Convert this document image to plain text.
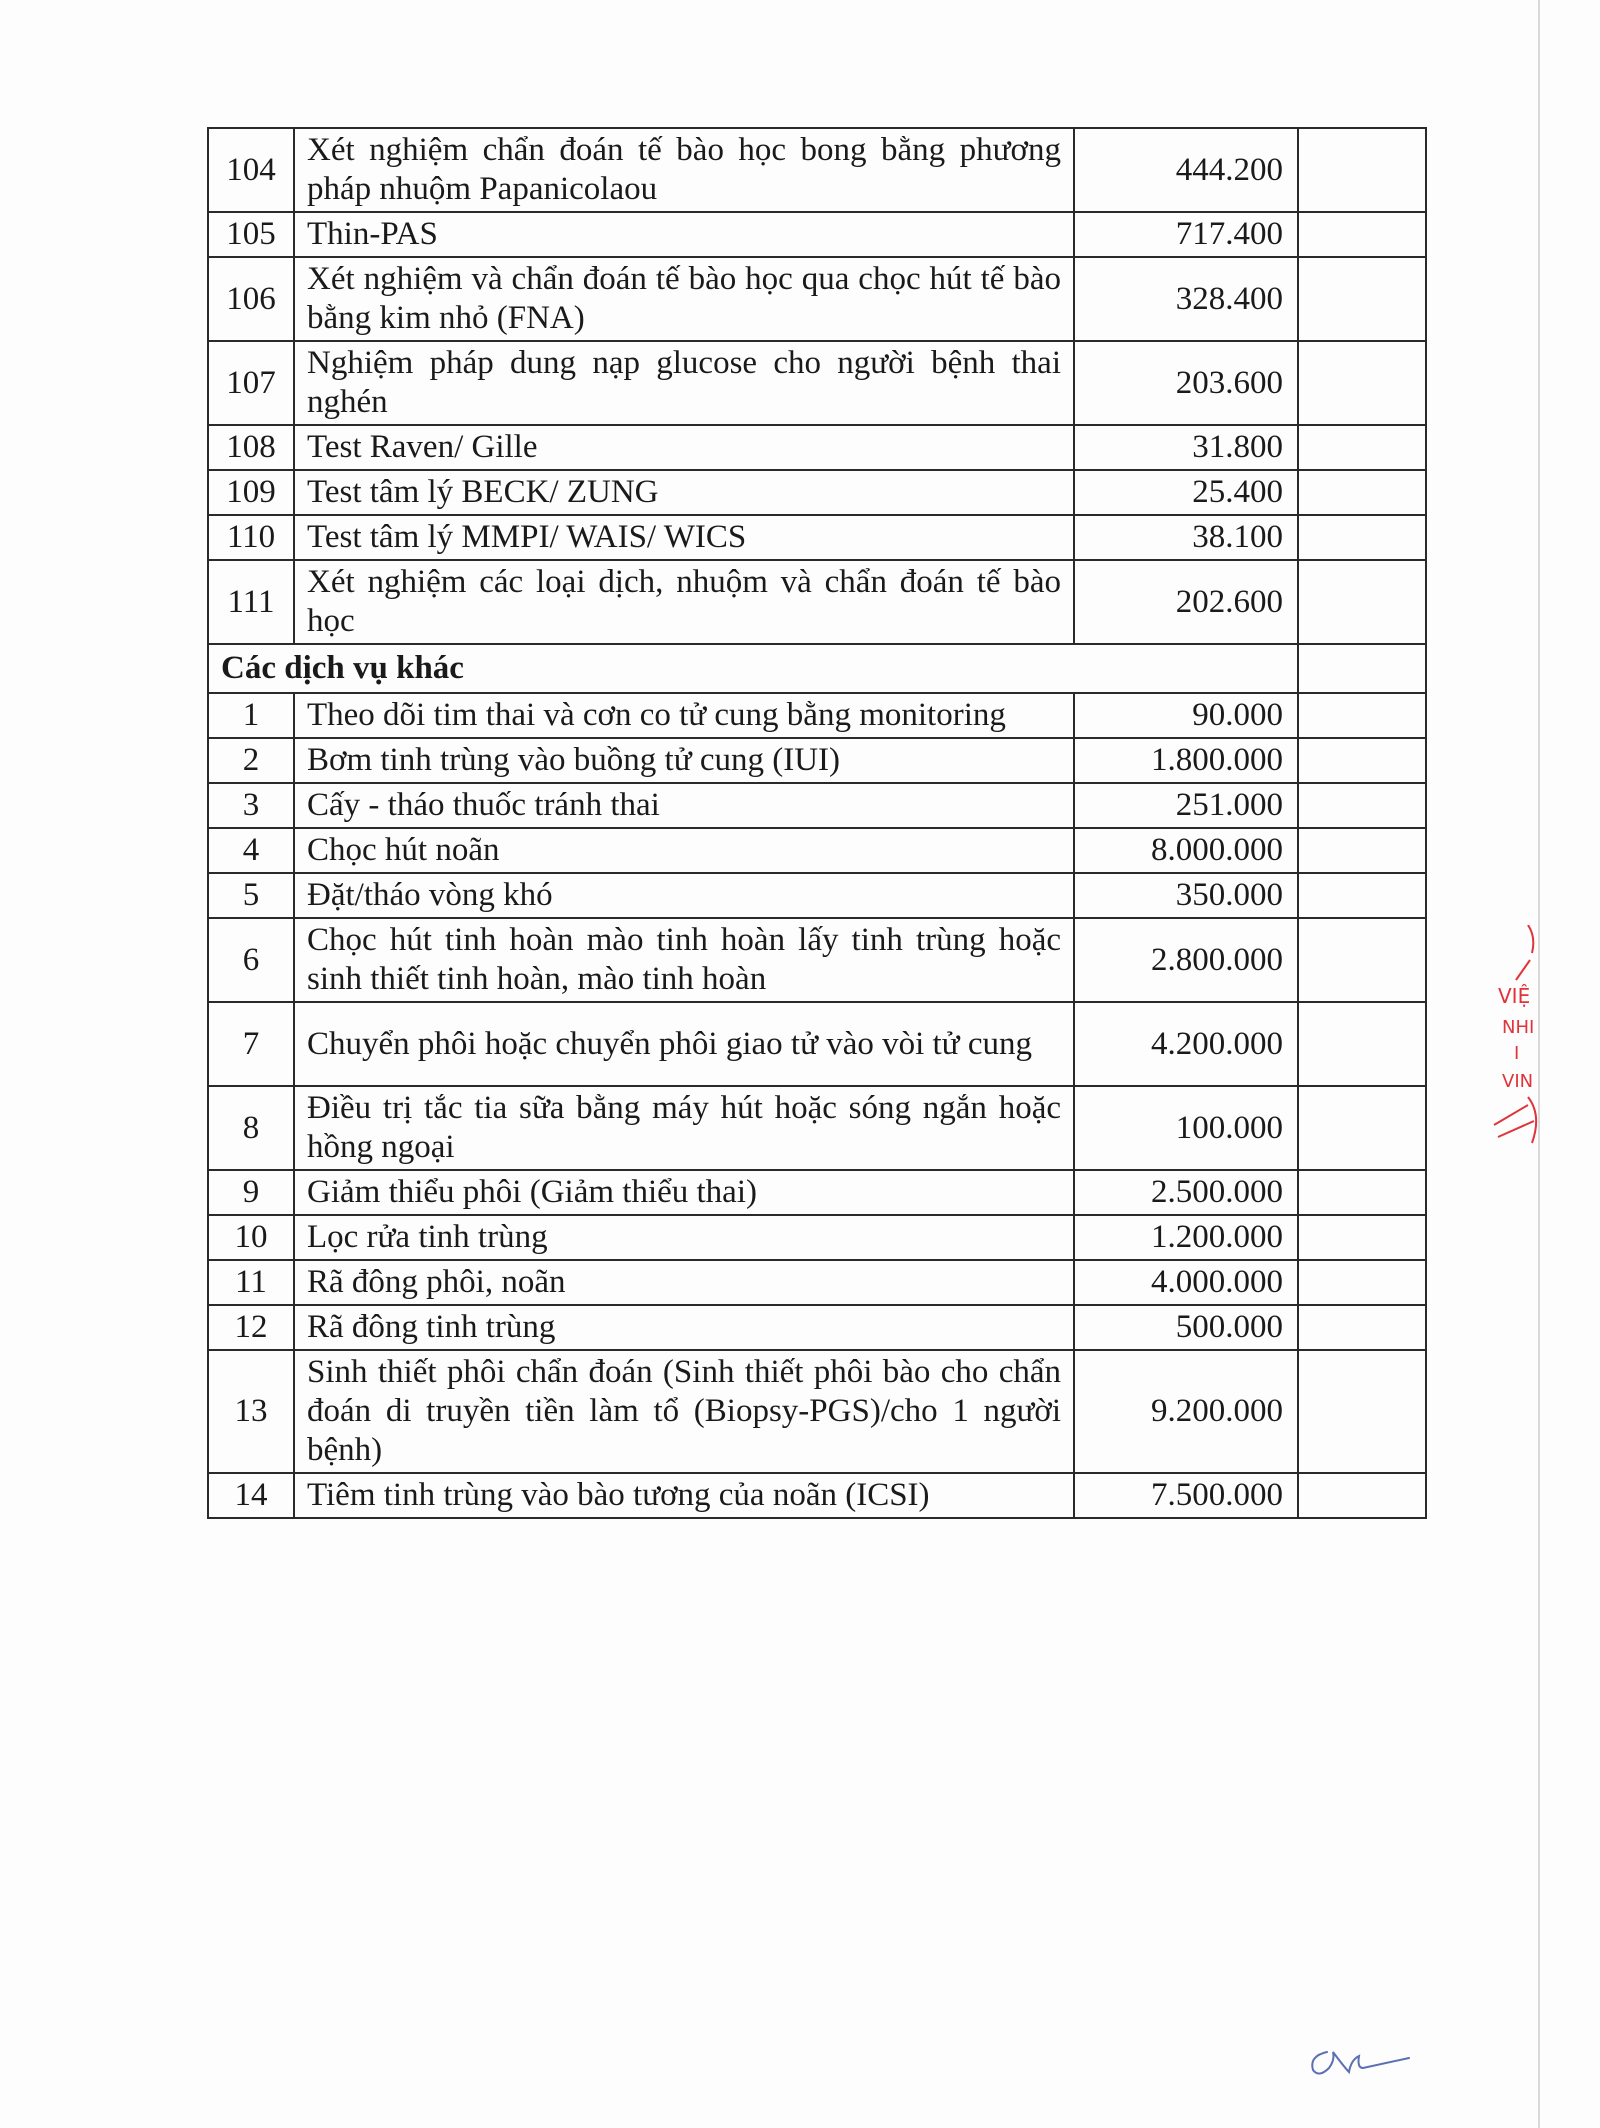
104	Xét nghiệm chẩn đoán tế bào học bong bằng phương pháp nhuộm Papanicolaou	444.200	
105	Thin-PAS	717.400	
106	Xét nghiệm và chẩn đoán tế bào học qua chọc hút tế bào bằng kim nhỏ (FNA)	328.400	
107	Nghiệm pháp dung nạp glucose cho người bệnh thai nghén	203.600	
108	Test Raven/ Gille	31.800	
109	Test tâm lý BECK/ ZUNG	25.400	
110	Test tâm lý MMPI/ WAIS/ WICS	38.100	
111	Xét nghiệm các loại dịch, nhuộm và chẩn đoán tế bào học	202.600	
Các dịch vụ khác			
1	Theo dõi tim thai và cơn co tử cung bằng monitoring	90.000	
2	Bơm tinh trùng vào buồng tử cung (IUI)	1.800.000	
3	Cấy - tháo thuốc tránh thai	251.000	
4	Chọc hút noãn	8.000.000	
5	Đặt/tháo vòng khó	350.000	
6	Chọc hút tinh hoàn mào tinh hoàn lấy tinh trùng hoặc sinh thiết tinh hoàn, mào tinh hoàn	2.800.000	
7	Chuyển phôi hoặc chuyển phôi giao tử vào vòi tử cung	4.200.000	
8	Điều trị tắc tia sữa bằng máy hút hoặc sóng ngắn hoặc hồng ngoại	100.000	
9	Giảm thiểu phôi (Giảm thiểu thai)	2.500.000	
10	Lọc rửa tinh trùng	1.200.000	
11	Rã đông phôi, noãn	4.000.000	
12	Rã đông tinh trùng	500.000	
13	Sinh thiết phôi chẩn đoán (Sinh thiết phôi bào cho chẩn đoán di truyền tiền làm tổ (Biopsy-PGS)/cho 1 người bệnh)	9.200.000	
14	Tiêm tinh trùng vào bào tương của noãn (ICSI)	7.500.000	
VIỆ
NHI
I
VIN
